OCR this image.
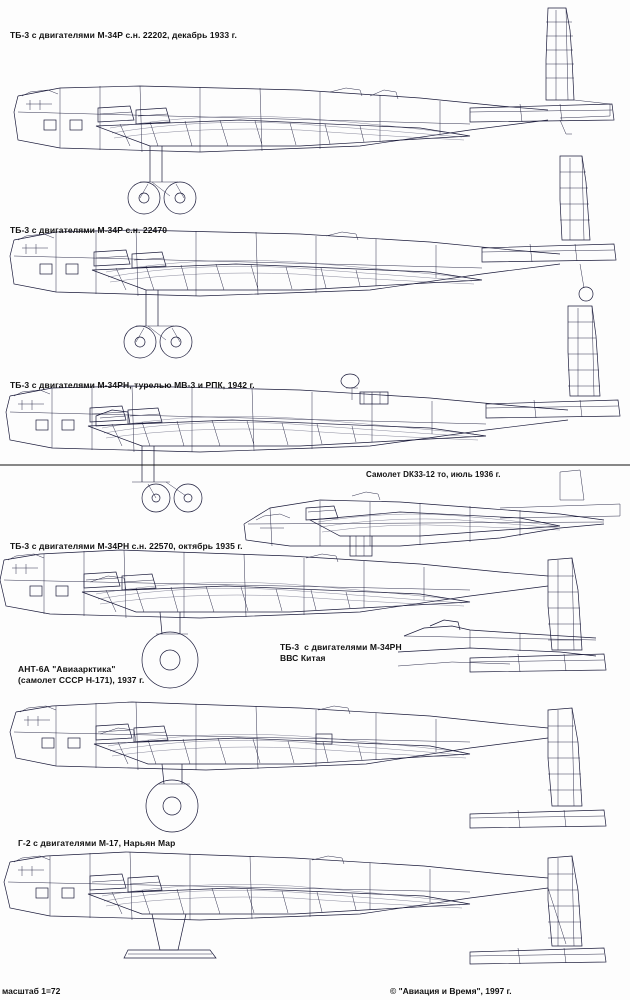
ТБ-3 с двигателями М-34Р с.н. 22202, декабрь 1933 г.
ТБ-3 с двигателями М-34Р с.н. 22470
ТБ-3 с двигателями М-34РН, турелью МВ-3 и РПК, 1942 г.
Самолет DК33-12 то, июль 1936 г.
ТБ-3 с двигателями М-34РН с.н. 22570, октябрь 1935 г.
ТБ-3  с двигателями М-34РН
ВВС Китая
АНТ-6А "Авиаарктика"
(самолет СССР Н-171), 1937 г.
Г-2 с двигателями М-17, Нарьян Мар
масштаб 1=72	© "Авиация и Время", 1997 г.
